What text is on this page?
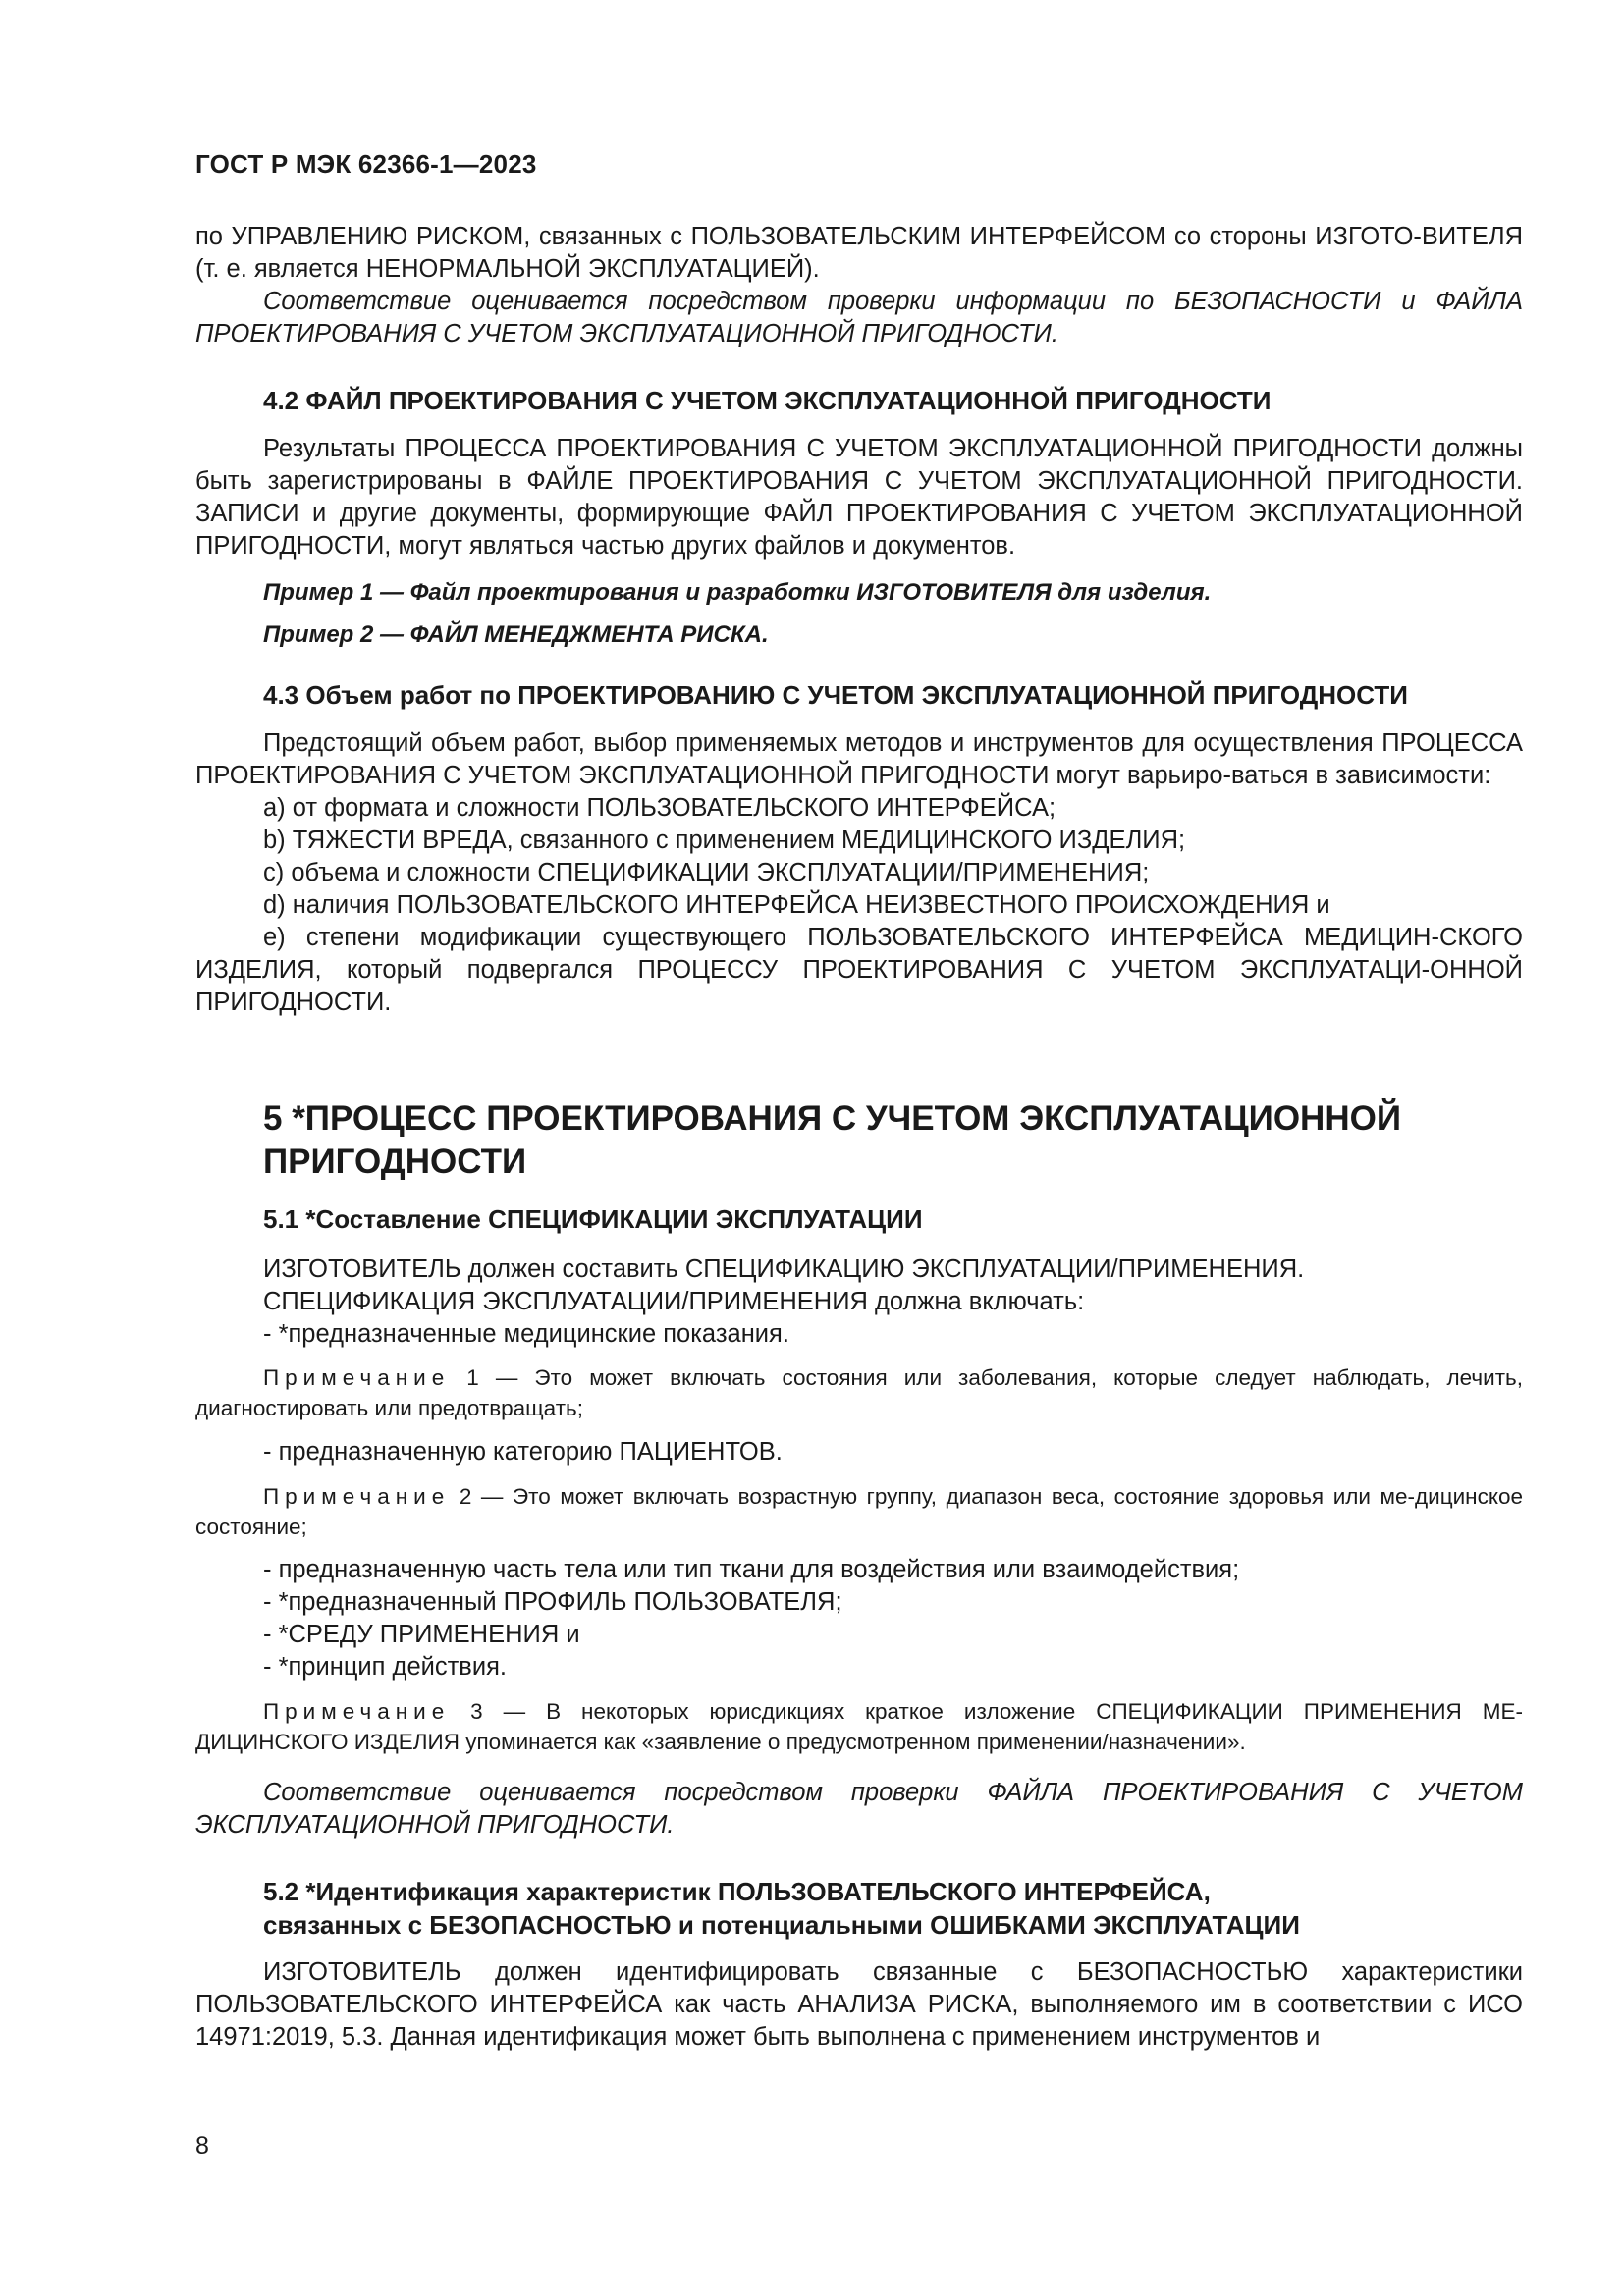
ГОСТ Р МЭК 62366-1—2023

по УПРАВЛЕНИЮ РИСКОМ, связанных с ПОЛЬЗОВАТЕЛЬСКИМ ИНТЕРФЕЙСОМ со стороны ИЗГОТО-ВИТЕЛЯ (т. е. является НЕНОРМАЛЬНОЙ ЭКСПЛУАТАЦИЕЙ).

Соответствие оценивается посредством проверки информации по БЕЗОПАСНОСТИ и ФАЙЛА ПРОЕКТИРОВАНИЯ С УЧЕТОМ ЭКСПЛУАТАЦИОННОЙ ПРИГОДНОСТИ.

4.2 ФАЙЛ ПРОЕКТИРОВАНИЯ С УЧЕТОМ ЭКСПЛУАТАЦИОННОЙ ПРИГОДНОСТИ

Результаты ПРОЦЕССА ПРОЕКТИРОВАНИЯ С УЧЕТОМ ЭКСПЛУАТАЦИОННОЙ ПРИГОДНОСТИ должны быть зарегистрированы в ФАЙЛЕ ПРОЕКТИРОВАНИЯ С УЧЕТОМ ЭКСПЛУАТАЦИОННОЙ ПРИГОДНОСТИ. ЗАПИСИ и другие документы, формирующие ФАЙЛ ПРОЕКТИРОВАНИЯ С УЧЕТОМ ЭКСПЛУАТАЦИОННОЙ ПРИГОДНОСТИ, могут являться частью других файлов и документов.

Пример 1 — Файл проектирования и разработки ИЗГОТОВИТЕЛЯ для изделия.

Пример 2 — ФАЙЛ МЕНЕДЖМЕНТА РИСКА.

4.3 Объем работ по ПРОЕКТИРОВАНИЮ С УЧЕТОМ ЭКСПЛУАТАЦИОННОЙ ПРИГОДНОСТИ

Предстоящий объем работ, выбор применяемых методов и инструментов для осуществления ПРОЦЕССА ПРОЕКТИРОВАНИЯ С УЧЕТОМ ЭКСПЛУАТАЦИОННОЙ ПРИГОДНОСТИ могут варьиро-ваться в зависимости:

a) от формата и сложности ПОЛЬЗОВАТЕЛЬСКОГО ИНТЕРФЕЙСА;

b) ТЯЖЕСТИ ВРЕДА, связанного с применением МЕДИЦИНСКОГО ИЗДЕЛИЯ;

c) объема и сложности СПЕЦИФИКАЦИИ ЭКСПЛУАТАЦИИ/ПРИМЕНЕНИЯ;

d) наличия ПОЛЬЗОВАТЕЛЬСКОГО ИНТЕРФЕЙСА НЕИЗВЕСТНОГО ПРОИСХОЖДЕНИЯ и

e) степени модификации существующего ПОЛЬЗОВАТЕЛЬСКОГО ИНТЕРФЕЙСА МЕДИЦИН-СКОГО ИЗДЕЛИЯ, который подвергался ПРОЦЕССУ ПРОЕКТИРОВАНИЯ С УЧЕТОМ ЭКСПЛУАТАЦИ-ОННОЙ ПРИГОДНОСТИ.

5 *ПРОЦЕСС ПРОЕКТИРОВАНИЯ С УЧЕТОМ ЭКСПЛУАТАЦИОННОЙ

ПРИГОДНОСТИ

5.1 *Составление СПЕЦИФИКАЦИИ ЭКСПЛУАТАЦИИ

ИЗГОТОВИТЕЛЬ должен составить СПЕЦИФИКАЦИЮ ЭКСПЛУАТАЦИИ/ПРИМЕНЕНИЯ.

СПЕЦИФИКАЦИЯ ЭКСПЛУАТАЦИИ/ПРИМЕНЕНИЯ должна включать:

- *предназначенные медицинские показания.

Примечание 1 — Это может включать состояния или заболевания, которые следует наблюдать, лечить, диагностировать или предотвращать;

- предназначенную категорию ПАЦИЕНТОВ.

Примечание 2 — Это может включать возрастную группу, диапазон веса, состояние здоровья или ме-дицинское состояние;

- предназначенную часть тела или тип ткани для воздействия или взаимодействия;

- *предназначенный ПРОФИЛЬ ПОЛЬЗОВАТЕЛЯ;

- *СРЕДУ ПРИМЕНЕНИЯ и

- *принцип действия.

Примечание 3 — В некоторых юрисдикциях краткое изложение СПЕЦИФИКАЦИИ ПРИМЕНЕНИЯ МЕ-ДИЦИНСКОГО ИЗДЕЛИЯ упоминается как «заявление о предусмотренном применении/назначении».

Соответствие оценивается посредством проверки ФАЙЛА ПРОЕКТИРОВАНИЯ С УЧЕТОМ ЭКСПЛУАТАЦИОННОЙ ПРИГОДНОСТИ.

5.2 *Идентификация характеристик ПОЛЬЗОВАТЕЛЬСКОГО ИНТЕРФЕЙСА,

связанных с БЕЗОПАСНОСТЬЮ и потенциальными ОШИБКАМИ ЭКСПЛУАТАЦИИ

ИЗГОТОВИТЕЛЬ должен идентифицировать связанные с БЕЗОПАСНОСТЬЮ характеристики ПОЛЬЗОВАТЕЛЬСКОГО ИНТЕРФЕЙСА как часть АНАЛИЗА РИСКА, выполняемого им в соответствии с ИСО 14971:2019, 5.3. Данная идентификация может быть выполнена с применением инструментов и

8
